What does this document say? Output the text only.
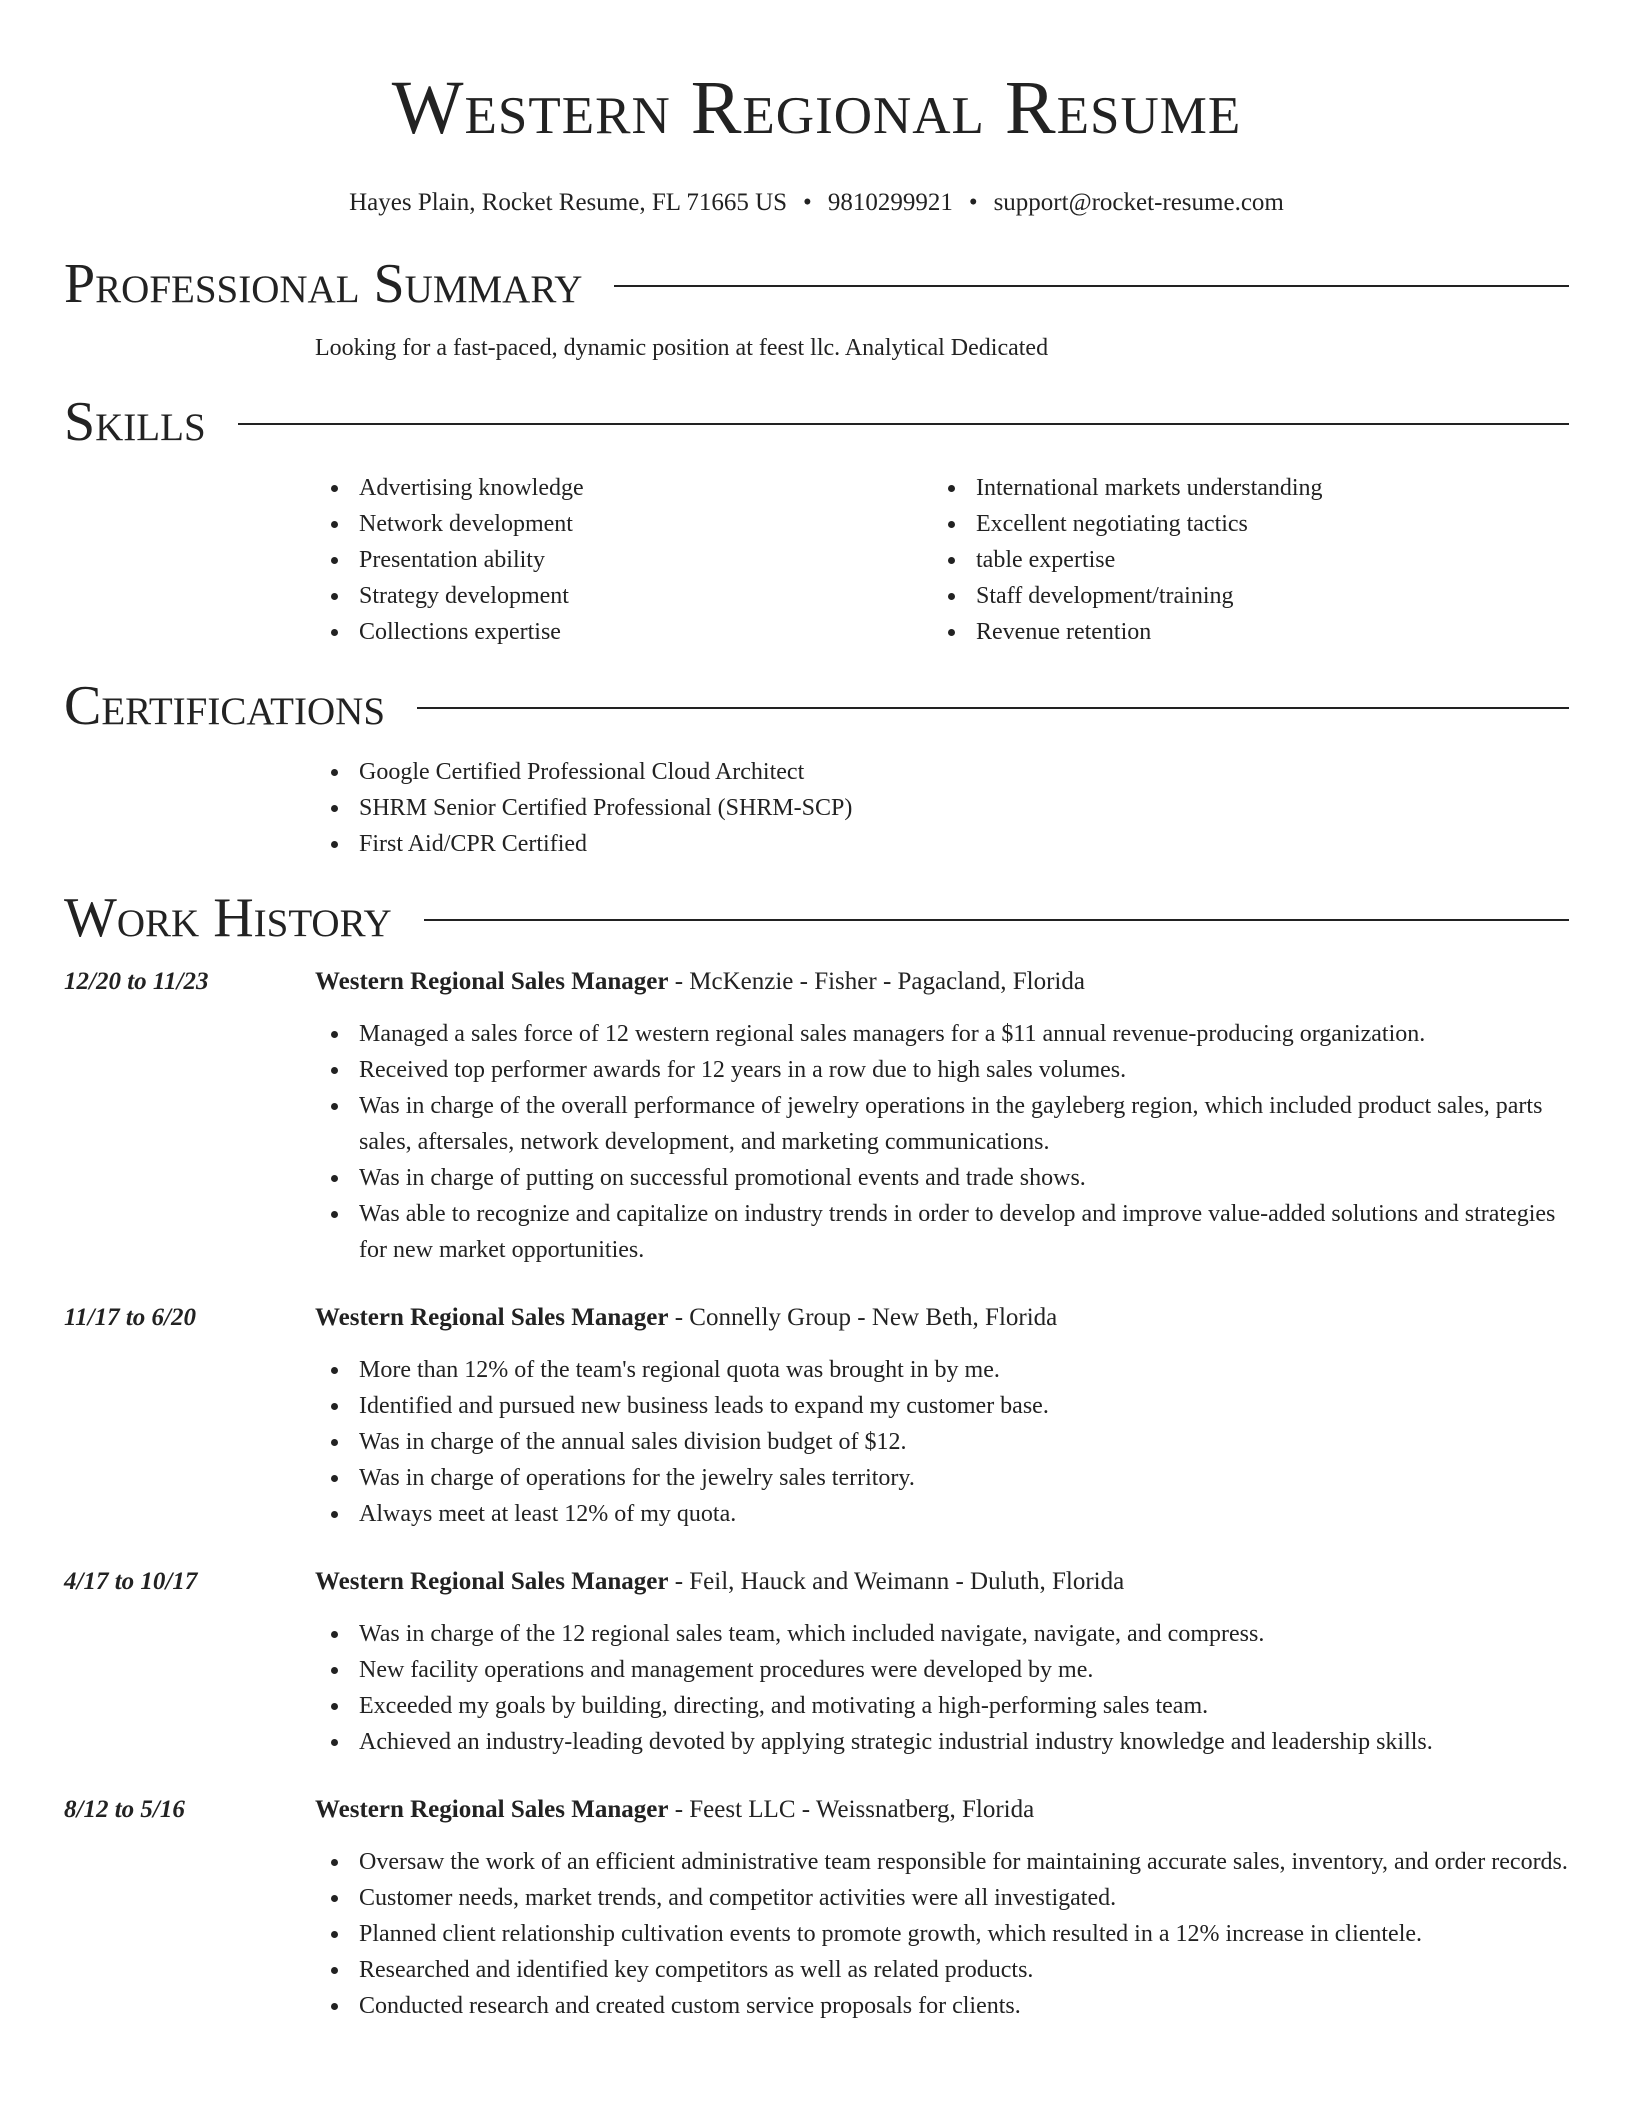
Western Regional Resume
Hayes Plain, Rocket Resume, FL 71665 US • 9810299921 • support@rocket-resume.com
Professional Summary

Looking for a fast-paced, dynamic position at feest llc. Analytical Dedicated

Skills
Advertising knowledge
Network development
Presentation ability
Strategy development
Collections expertise
International markets understanding
Excellent negotiating tactics
table expertise
Staff development/training
Revenue retention
Certifications
Google Certified Professional Cloud Architect
SHRM Senior Certified Professional (SHRM-SCP)
First Aid/CPR Certified
Work History
12/20 to 11/23	Western Regional Sales Manager - McKenzie - Fisher - Pagacland, Florida
Managed a sales force of 12 western regional sales managers for a $11 annual revenue-producing organization.
Received top performer awards for 12 years in a row due to high sales volumes.
Was in charge of the overall performance of jewelry operations in the gayleberg region, which included product sales, parts sales, aftersales, network development, and marketing communications.
Was in charge of putting on successful promotional events and trade shows.
Was able to recognize and capitalize on industry trends in order to develop and improve value-added solutions and strategies for new market opportunities.
11/17 to 6/20	Western Regional Sales Manager - Connelly Group - New Beth, Florida
More than 12% of the team's regional quota was brought in by me.
Identified and pursued new business leads to expand my customer base.
Was in charge of the annual sales division budget of $12.
Was in charge of operations for the jewelry sales territory.
Always meet at least 12% of my quota.
4/17 to 10/17	Western Regional Sales Manager - Feil, Hauck and Weimann - Duluth, Florida
Was in charge of the 12 regional sales team, which included navigate, navigate, and compress.
New facility operations and management procedures were developed by me.
Exceeded my goals by building, directing, and motivating a high-performing sales team.
Achieved an industry-leading devoted by applying strategic industrial industry knowledge and leadership skills.
8/12 to 5/16	Western Regional Sales Manager - Feest LLC - Weissnatberg, Florida
Oversaw the work of an efficient administrative team responsible for maintaining accurate sales, inventory, and order records.
Customer needs, market trends, and competitor activities were all investigated.
Planned client relationship cultivation events to promote growth, which resulted in a 12% increase in clientele.
Researched and identified key competitors as well as related products.
Conducted research and created custom service proposals for clients.
